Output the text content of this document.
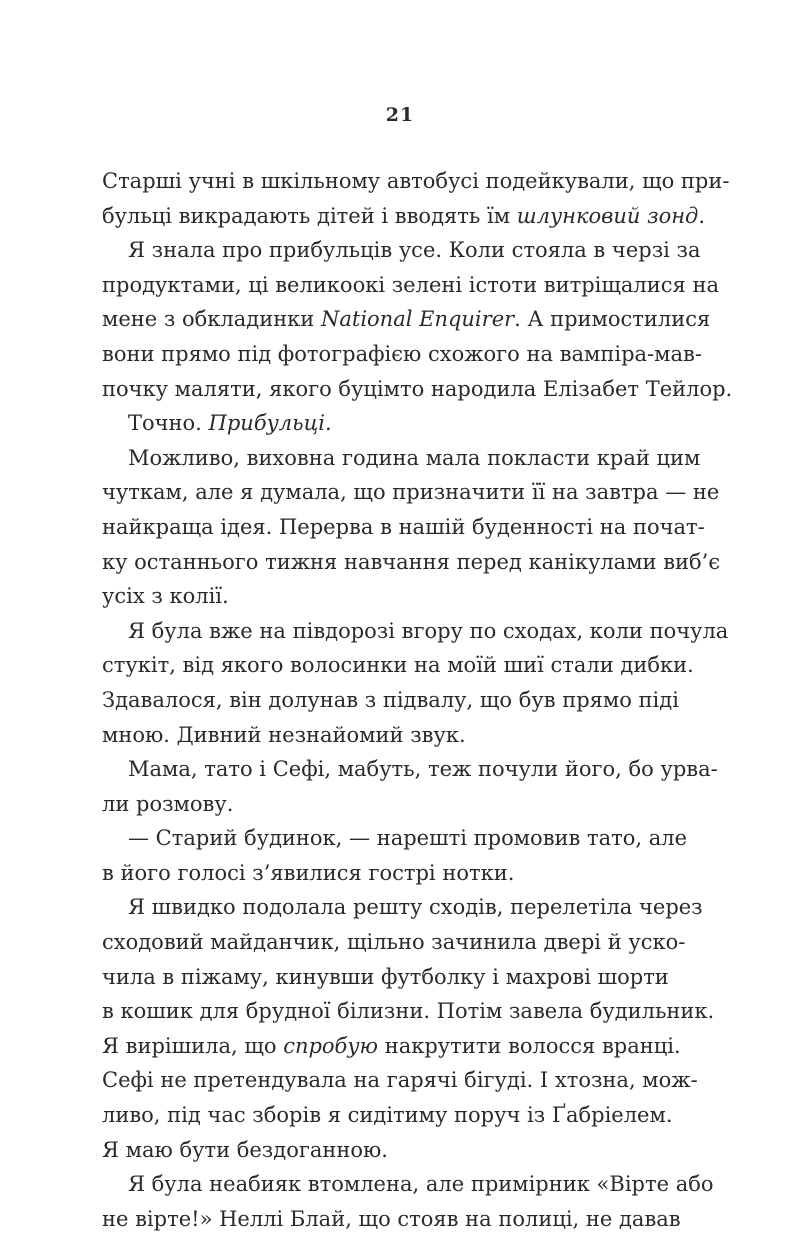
21
Старші учні в шкільному автобусі подейкували, що при-
бульці викрадають дітей і вводять їм шлунковий зонд.
Я знала про прибульців усе. Коли стояла в черзі за
продуктами, ці великоокі зелені істоти витріщалися на
мене з обкладинки National Enquirer. А примостилися
вони прямо під фотографією схожого на вампіра-мав-
почку маляти, якого буцімто народила Елізабет Тейлор.
Точно. Прибульці.
Можливо, виховна година мала покласти край цим
чуткам, але я думала, що призначити її на завтра — не
найкраща ідея. Перерва в нашій буденності на почат-
ку останнього тижня навчання перед канікулами виб’є
усіх з колії.
Я була вже на півдорозі вгору по сходах, коли почула
стукіт, від якого волосинки на моїй шиї стали дибки.
Здавалося, він долунав з підвалу, що був прямо піді
мною. Дивний незнайомий звук.
Мама, тато і Сефі, мабуть, теж почули його, бо урва-
ли розмову.
— Старий будинок, — нарешті промовив тато, але
в його голосі з’явилися гострі нотки.
Я швидко подолала решту сходів, перелетіла через
сходовий майданчик, щільно зачинила двері й уско-
чила в піжаму, кинувши футболку і махрові шорти
в кошик для брудної білизни. Потім завела будильник.
Я вирішила, що спробую накрутити волосся вранці.
Сефі не претендувала на гарячі бігуді. І хтозна, мож-
ливо, під час зборів я сидітиму поруч із Ґабріелем.
Я маю бути бездоганною.
Я була неабияк втомлена, але примірник «Вірте або
не вірте!» Неллі Блай, що стояв на полиці, не давав
